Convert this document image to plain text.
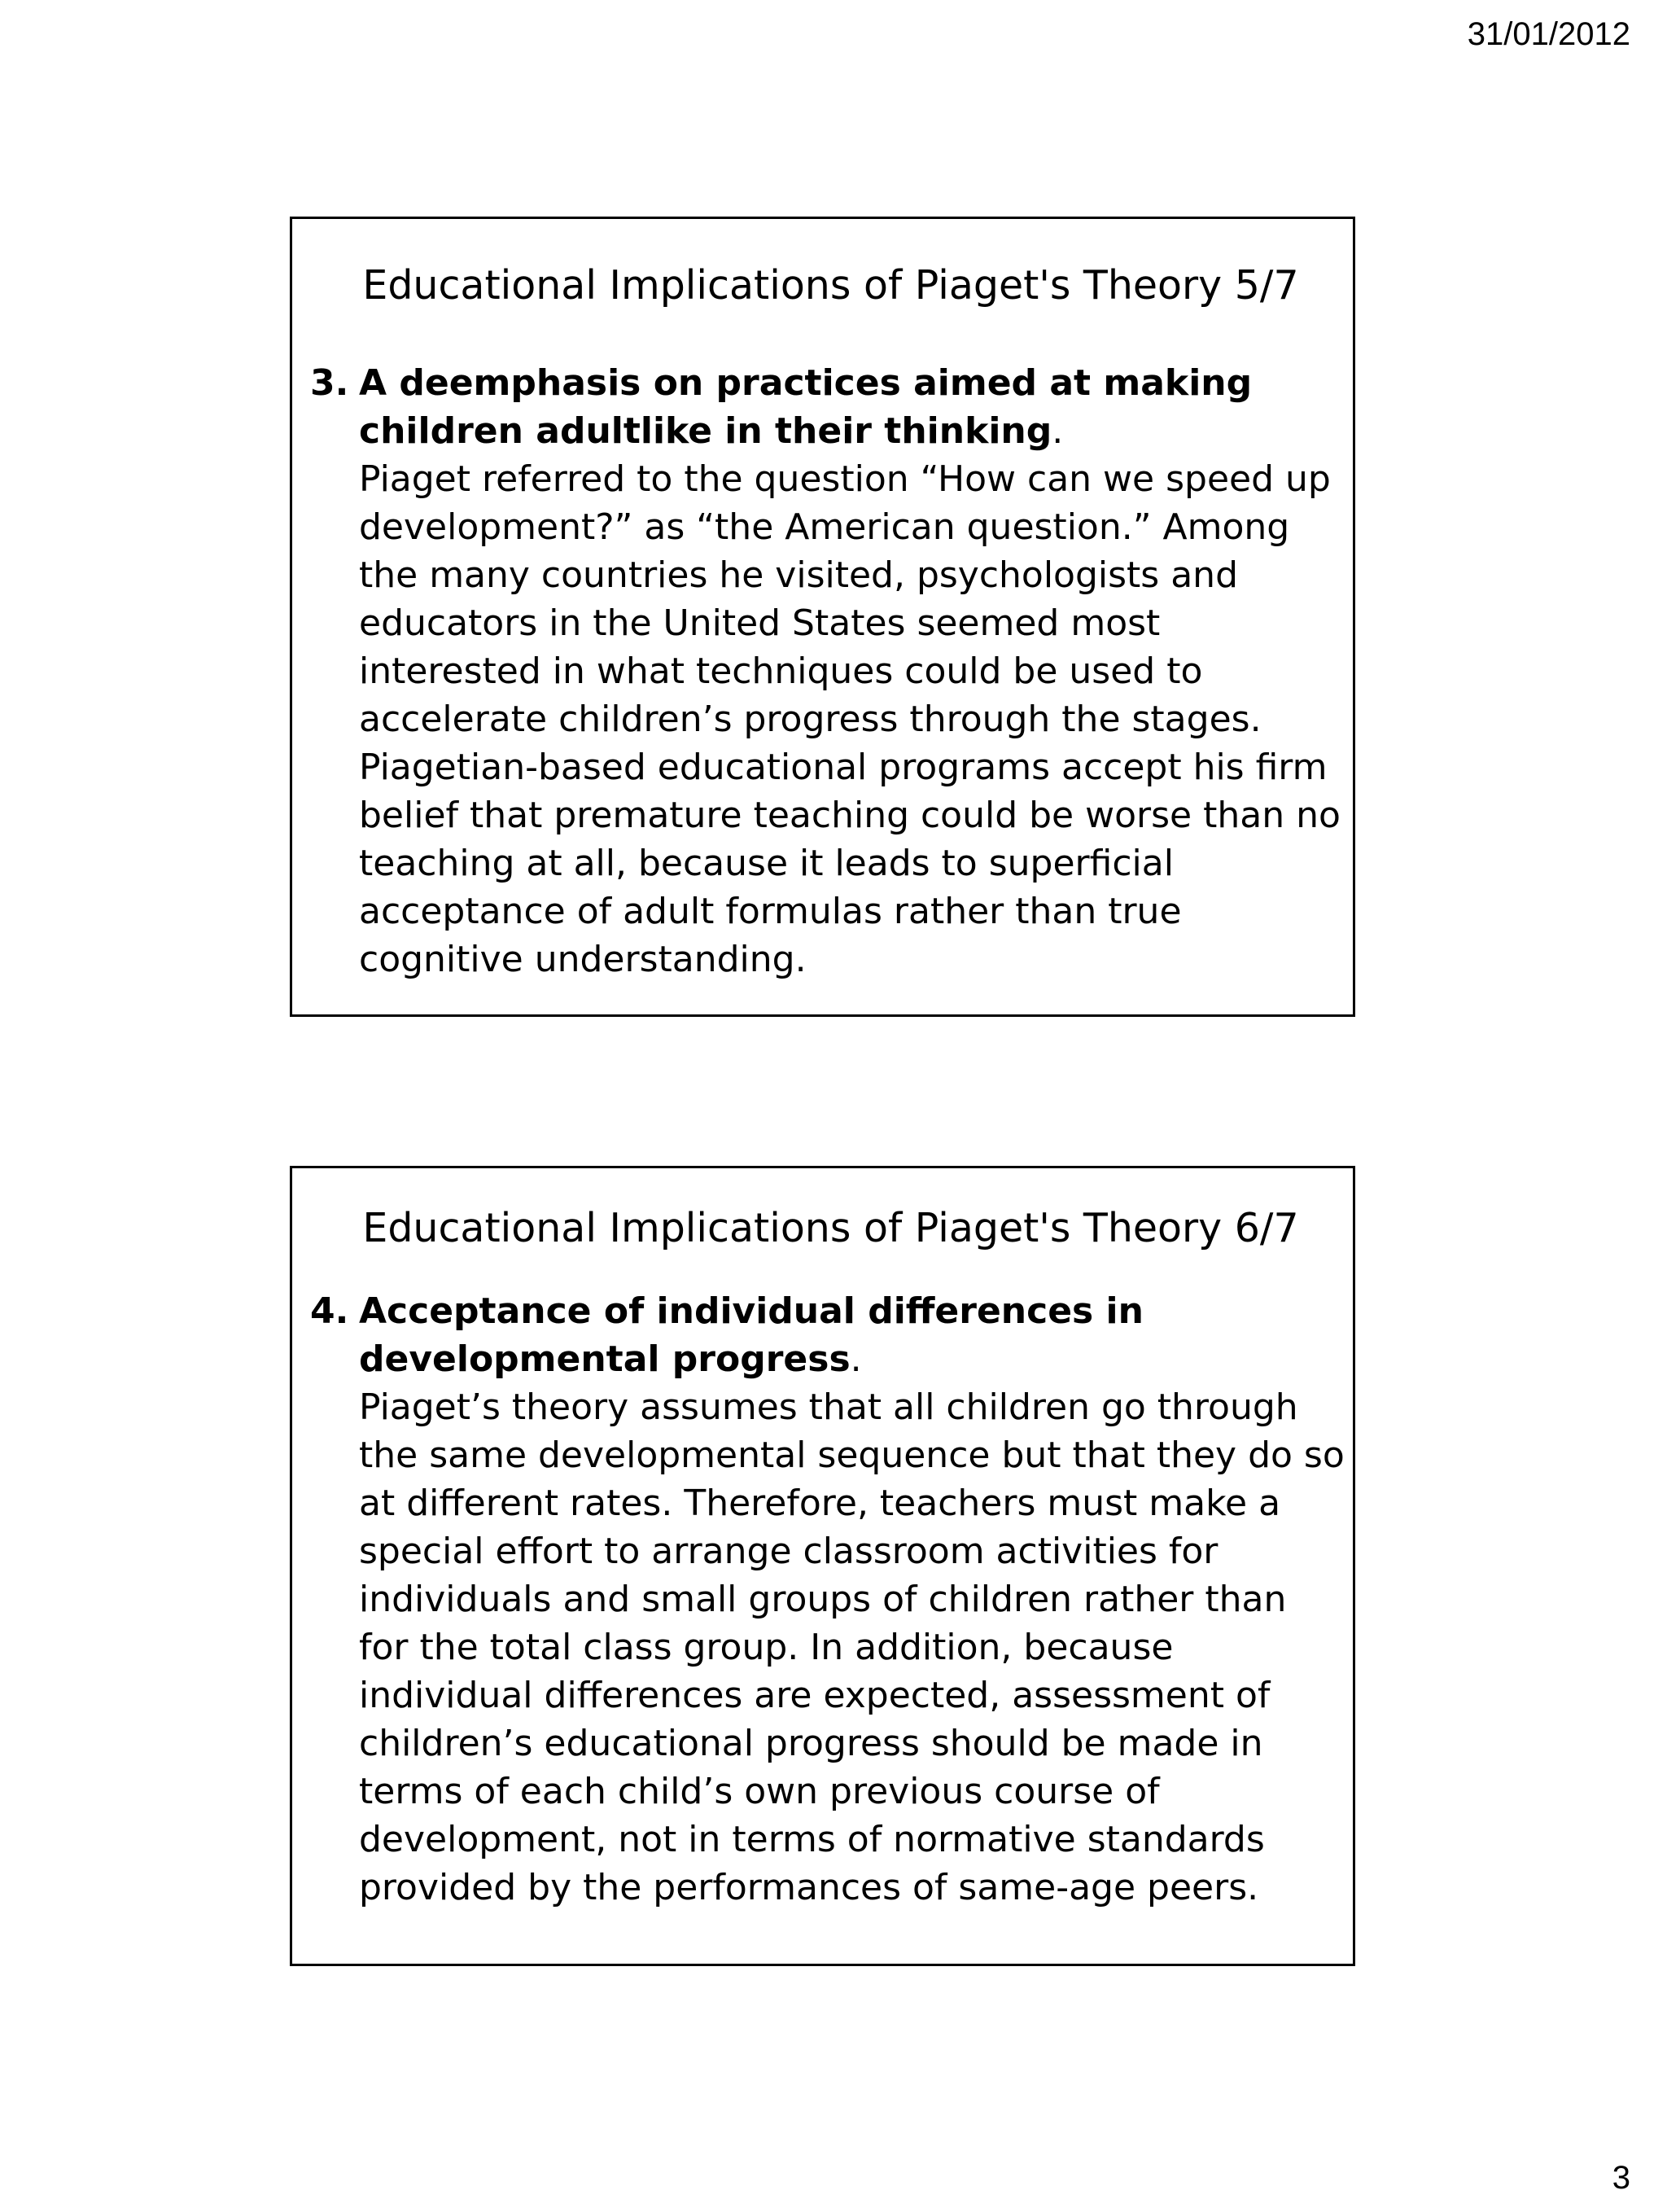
31/01/2012
Educational Implications of Piaget's Theory 5/7
3. A deemphasis on practices aimed at making children adultlike in their thinking.
Piaget referred to the question “How can we speed up development?” as “the American question.” Among the many countries he visited, psychologists and educators in the United States seemed most interested in what techniques could be used to accelerate children’s progress through the stages. Piagetian-based educational programs accept his firm belief that premature teaching could be worse than no teaching at all, because it leads to superficial acceptance of adult formulas rather than true cognitive understanding.
Educational Implications of Piaget's Theory 6/7
4. Acceptance of individual differences in developmental progress.
Piaget’s theory assumes that all children go through the same developmental sequence but that they do so at different rates. Therefore, teachers must make a special effort to arrange classroom activities for individuals and small groups of children rather than for the total class group. In addition, because individual differences are expected, assessment of children’s educational progress should be made in terms of each child’s own previous course of development, not in terms of normative standards provided by the performances of same-age peers.
3
